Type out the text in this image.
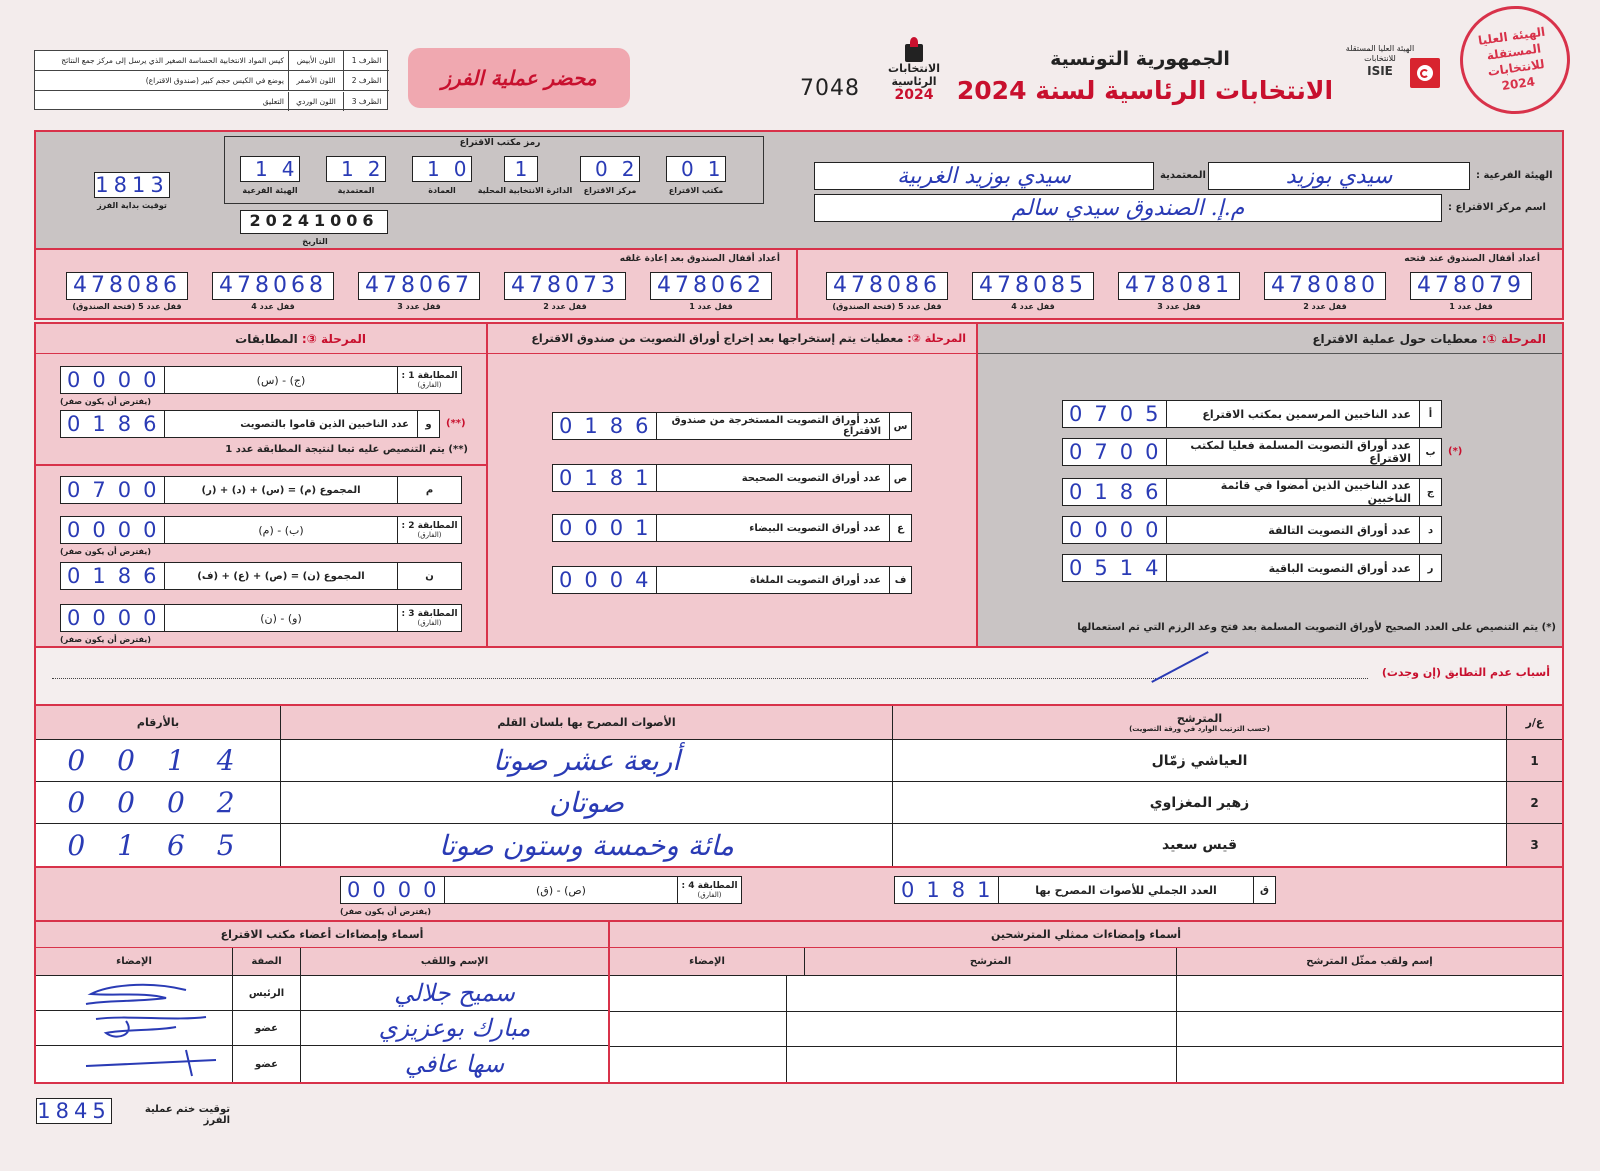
الظرف 1
اللون الأبيض
كيس المواد الانتخابية الحساسة الصغير الذي يرسل إلى مركز جمع النتائج
الظرف 2
اللون الأصفر
يوضع في الكيس حجم كبير (صندوق الاقتراع)
الظرف 3
اللون الوردي
التعليق
محضر عملية الفرز	7048
الانتخابات
الرئاسية
2024
الجمهورية التونسية
الانتخابات الرئاسية لسنة 2024
الهيئة العليا المستقلة للانتخابات
ISIE
الهيئة العليا المستقلة للانتخابات 2024
الهيئة الفرعية :
سيدي بوزيد
المعتمدية
سيدي بوزيد الغربية
اسم مركز الاقتراع :
م.إ. الصندوق سيدي سالم
رمز مكتب الاقتراع
01
مكتب الاقتراع
02
مركز الاقتراع
1
الدائرة الانتخابية المحلية
10
العمادة
12
المعتمدية
14
الهيئة الفرعية
20241006
التاريخ
1813
توقيت بداية الفرز
أعداد أقفال الصندوق عند فتحه
أعداد أقفال الصندوق بعد إعادة غلقه
478079
قفل عدد 1
478080
قفل عدد 2
478081
قفل عدد 3
478085
قفل عدد 4
478086
قفل عدد 5 (فتحة الصندوق)
478062
قفل عدد 1
478073
قفل عدد 2
478067
قفل عدد 3
478068
قفل عدد 4
478086
قفل عدد 5 (فتحة الصندوق)
المرحلة ①:

معطيات حول عملية الاقتراع
أ
عدد الناخبين المرسمين بمكتب الاقتراع
0705
ب
عدد أوراق التصويت المسلمة فعليا لمكتب الاقتراع
0700	(*)
ج
عدد الناخبين الذين أمضوا في قائمة الناخبين
0186
د
عدد أوراق التصويت التالفة
0000
ر
عدد أوراق التصويت الباقية
0514
(*) يتم التنصيص على العدد الصحيح لأوراق التصويت المسلمة بعد فتح وعد الرزم التي تم استعمالها
المرحلة ②:

معطيات يتم إستخراجها بعد إخراج أوراق التصويت من صندوق الاقتراع
س
عدد أوراق التصويت المستخرجة من صندوق الاقتراع
0186
ص
عدد أوراق التصويت الصحيحة
0181
ع
عدد أوراق التصويت البيضاء
0001
ف
عدد أوراق التصويت الملغاة
0004
المرحلة ③:

المطابقات
المطابقة 1 :
(الفارق)
(ج) - (س)
0000
(يفترض أن يكون صفر)
و
عدد الناخبين الذين قاموا بالتصويت
0186	(**)
(**) يتم التنصيص عليه تبعا لنتيجة المطابقة عدد 1
م
المجموع (م) = (س) + (د) + (ر)
0700
المطابقة 2 :
(الفارق)
(ب) - (م)
0000
(يفترض أن يكون صفر)
ن
المجموع (ن) = (ص) + (ع) + (ف)
0186
المطابقة 3 :
(الفارق)
(و) - (ن)
0000
(يفترض أن يكون صفر)
أسباب عدم التطابق (إن وجدت)
ع/ر
المترشح
(حسب الترتيب الوارد في ورقة التصويت)
الأصوات المصرح بها بلسان القلم
بالأرقام
1
العياشي زمّال
أربعة عشر صوتا
0014
2
زهير المغزاوي
صوتان
0002
3
قيس سعيد
مائة وخمسة وستون صوتا
0165
ق
العدد الجملي للأصوات المصرح بها
0181
المطابقة 4 :
(الفارق)
(ص) - (ق)
0000
(يفترض أن يكون صفر)
أسماء وإمضاءات ممثلي المترشحين
إسم ولقب ممثّل المترشح
المترشح
الإمضاء
أسماء وإمضاءات أعضاء مكتب الاقتراع
الإسم واللقب
الصفة
الإمضاء
سميح جلالي
الرئيس
مبارك بوعزيزي
عضو
سها عافي
عضو
1845	توقيت ختم عملية الفرز
